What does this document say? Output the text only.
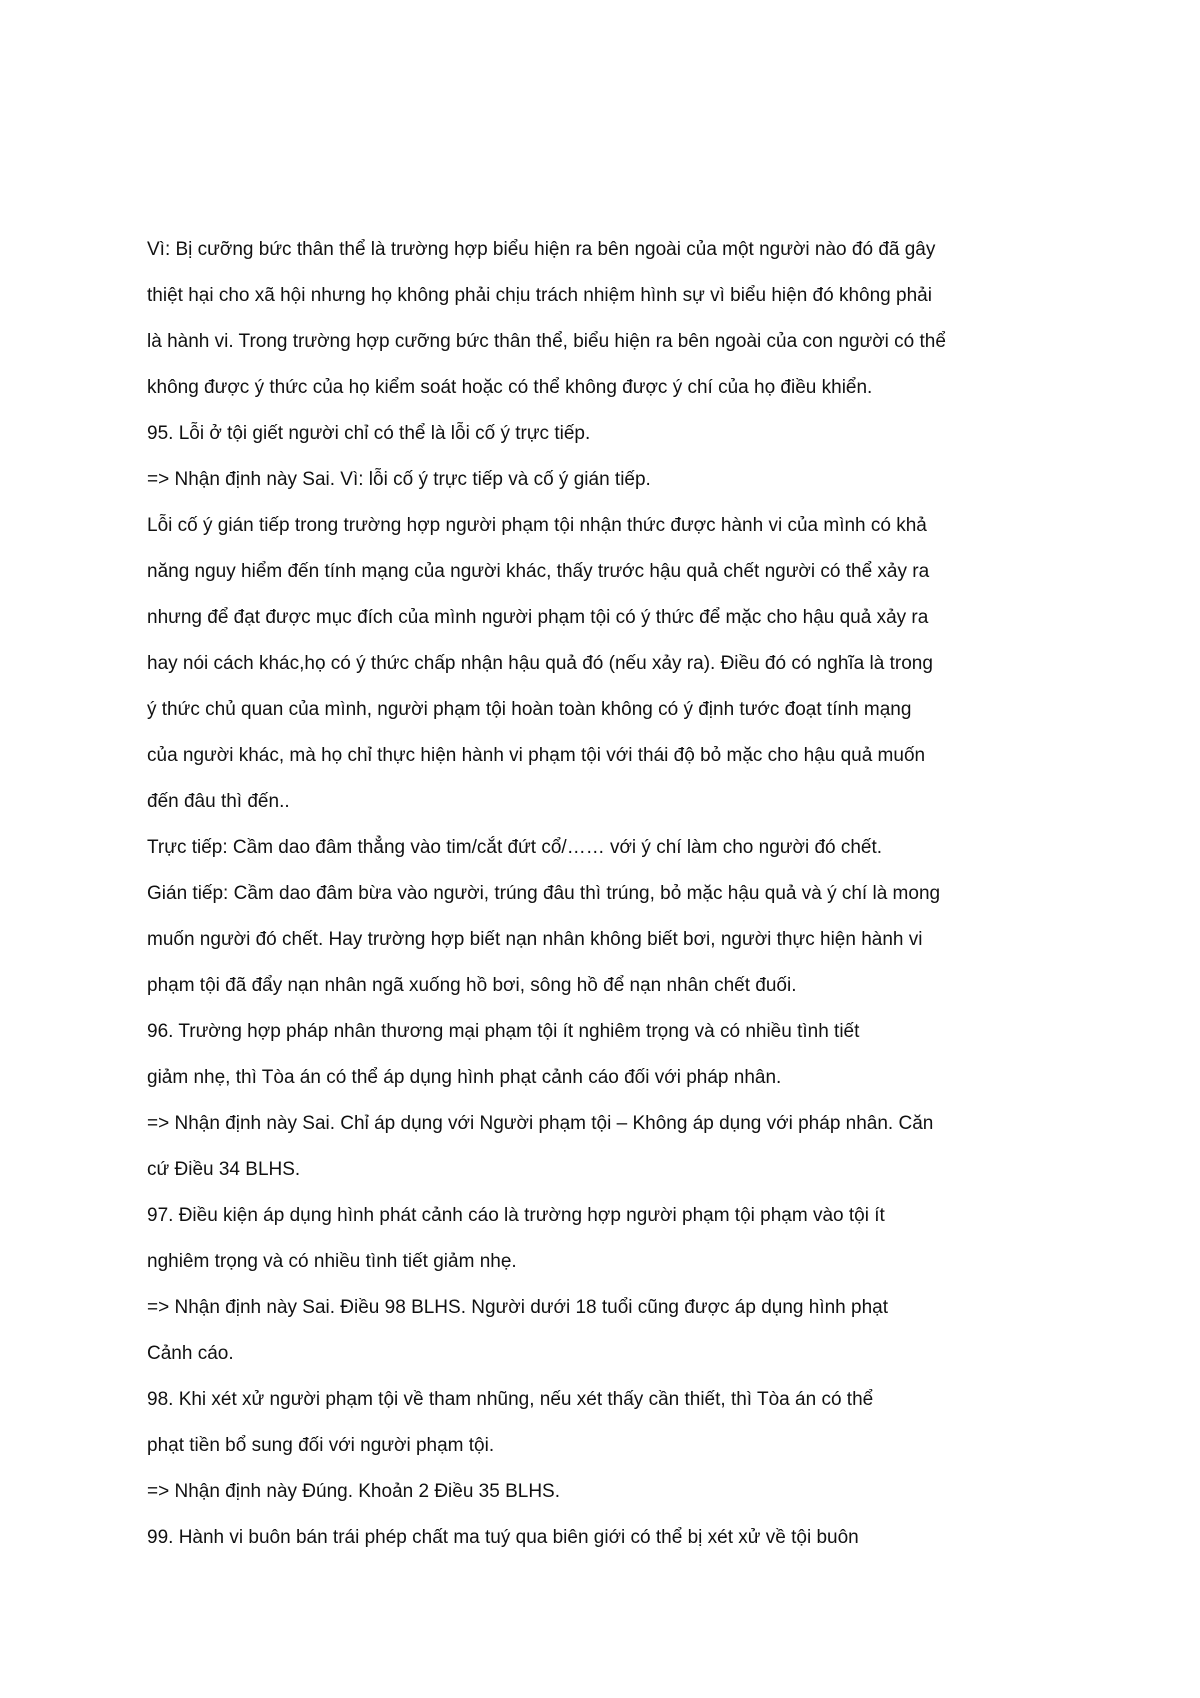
Vì: Bị cưỡng bức thân thể là trường hợp biểu hiện ra bên ngoài của một người nào đó đã gây
thiệt hại cho xã hội nhưng họ không phải chịu trách nhiệm hình sự vì biểu hiện đó không phải
là hành vi. Trong trường hợp cưỡng bức thân thể, biểu hiện ra bên ngoài của con người có thể
không được ý thức của họ kiểm soát hoặc có thể không được ý chí của họ điều khiển.
95. Lỗi ở tội giết người chỉ có thể là lỗi cố ý trực tiếp.
=> Nhận định này Sai. Vì: lỗi cố ý trực tiếp và cố ý gián tiếp.
Lỗi cố ý gián tiếp trong trường hợp người phạm tội nhận thức được hành vi của mình có khả
năng nguy hiểm đến tính mạng của người khác, thấy trước hậu quả chết người có thể xảy ra
nhưng để đạt được mục đích của mình người phạm tội có ý thức để mặc cho hậu quả xảy ra
hay nói cách khác,họ có ý thức chấp nhận hậu quả đó (nếu xảy ra). Điều đó có nghĩa là trong
ý thức chủ quan của mình, người phạm tội hoàn toàn không có ý định tước đoạt tính mạng
của người khác, mà họ chỉ thực hiện hành vi phạm tội với thái độ bỏ mặc cho hậu quả muốn
đến đâu thì đến..
Trực tiếp: Cầm dao đâm thẳng vào tim/cắt đứt cổ/…… với ý chí làm cho người đó chết.
Gián tiếp: Cầm dao đâm bừa vào người, trúng đâu thì trúng, bỏ mặc hậu quả và ý chí là mong
muốn người đó chết. Hay trường hợp biết nạn nhân không biết bơi, người thực hiện hành vi
phạm tội đã đẩy nạn nhân ngã xuống hồ bơi, sông hồ để nạn nhân chết đuối.
96. Trường hợp pháp nhân thương mại phạm tội ít nghiêm trọng và có nhiều tình tiết
giảm nhẹ, thì Tòa án có thể áp dụng hình phạt cảnh cáo đối với pháp nhân.
=> Nhận định này Sai. Chỉ áp dụng với Người phạm tội – Không áp dụng với pháp nhân. Căn
cứ Điều 34 BLHS.
97. Điều kiện áp dụng hình phát cảnh cáo là trường hợp người phạm tội phạm vào tội ít
nghiêm trọng và có nhiều tình tiết giảm nhẹ.
=> Nhận định này Sai. Điều 98 BLHS. Người dưới 18 tuổi cũng được áp dụng hình phạt
Cảnh cáo.
98. Khi xét xử người phạm tội về tham nhũng, nếu xét thấy cần thiết, thì Tòa án có thể
phạt tiền bổ sung đối với người phạm tội.
=> Nhận định này Đúng. Khoản 2 Điều 35 BLHS.
99. Hành vi buôn bán trái phép chất ma tuý qua biên giới có thể bị xét xử về tội buôn
